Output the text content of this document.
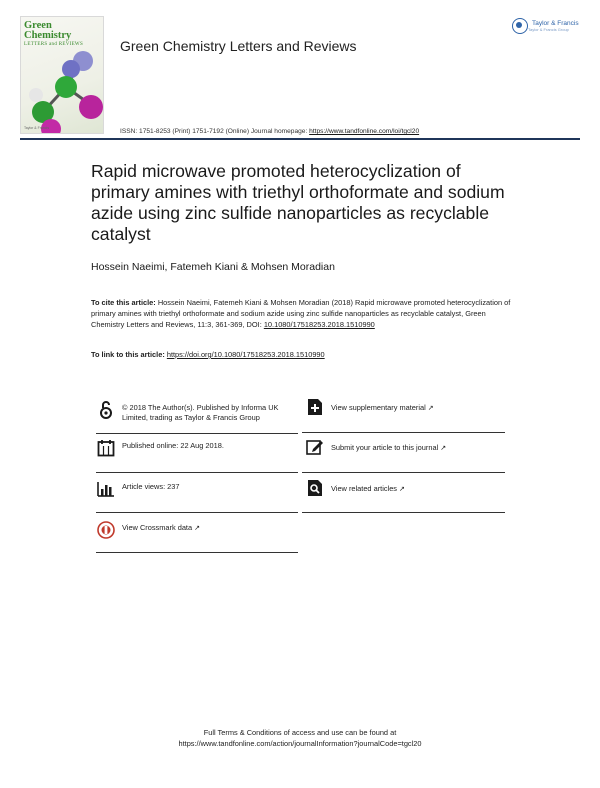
Green Chemistry
LETTERS and REVIEWS
Taylor & Francis
Green Chemistry Letters and Reviews
Taylor & Francis
Taylor & Francis Group
ISSN: 1751-8253 (Print) 1751-7192 (Online) Journal homepage: https://www.tandfonline.com/loi/tgcl20
Rapid microwave promoted heterocyclization of primary amines with triethyl orthoformate and sodium azide using zinc sulfide nanoparticles as recyclable catalyst
Hossein Naeimi, Fatemeh Kiani & Mohsen Moradian
To cite this article: Hossein Naeimi, Fatemeh Kiani & Mohsen Moradian (2018) Rapid microwave promoted heterocyclization of primary amines with triethyl orthoformate and sodium azide using zinc sulfide nanoparticles as recyclable catalyst, Green Chemistry Letters and Reviews, 11:3, 361-369, DOI: 10.1080/17518253.2018.1510990
To link to this article: https://doi.org/10.1080/17518253.2018.1510990
© 2018 The Author(s). Published by Informa UK Limited, trading as Taylor & Francis Group
Published online: 22 Aug 2018.
Article views: 237
View Crossmark data ↗
View supplementary material ↗
Submit your article to this journal ↗
View related articles ↗
Full Terms & Conditions of access and use can be found at
https://www.tandfonline.com/action/journalInformation?journalCode=tgcl20
